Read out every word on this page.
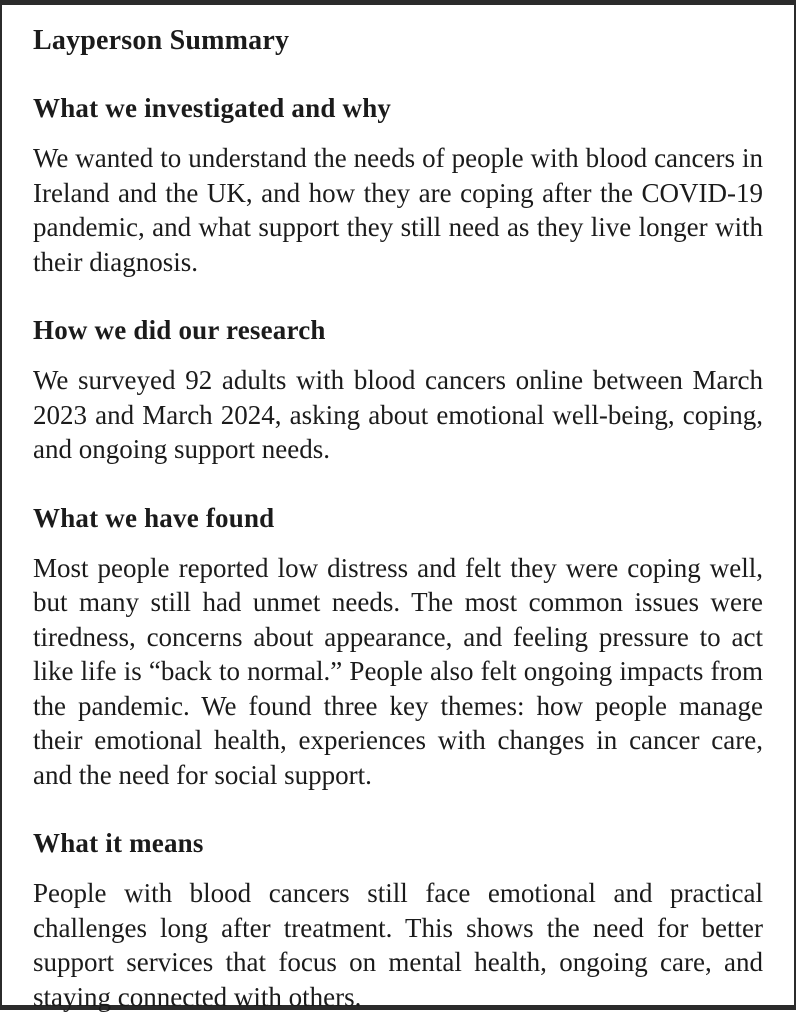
Layperson Summary
What we investigated and why

We wanted to understand the needs of people with blood cancers in Ireland and the UK, and how they are coping after the COVID-19 pandemic, and what support they still need as they live longer with their diagnosis.

How we did our research

We surveyed 92 adults with blood cancers online between March 2023 and March 2024, asking about emotional well-being, coping, and ongoing support needs.

What we have found

Most people reported low distress and felt they were coping well, but many still had unmet needs. The most common issues were tiredness, concerns about appearance, and feeling pressure to act like life is “back to normal.” People also felt ongoing impacts from the pandemic. We found three key themes: how people manage their emotional health, experiences with changes in cancer care, and the need for social support.

What it means

People with blood cancers still face emotional and practical challenges long after treatment. This shows the need for better support services that focus on mental health, ongoing care, and staying connected with others.
